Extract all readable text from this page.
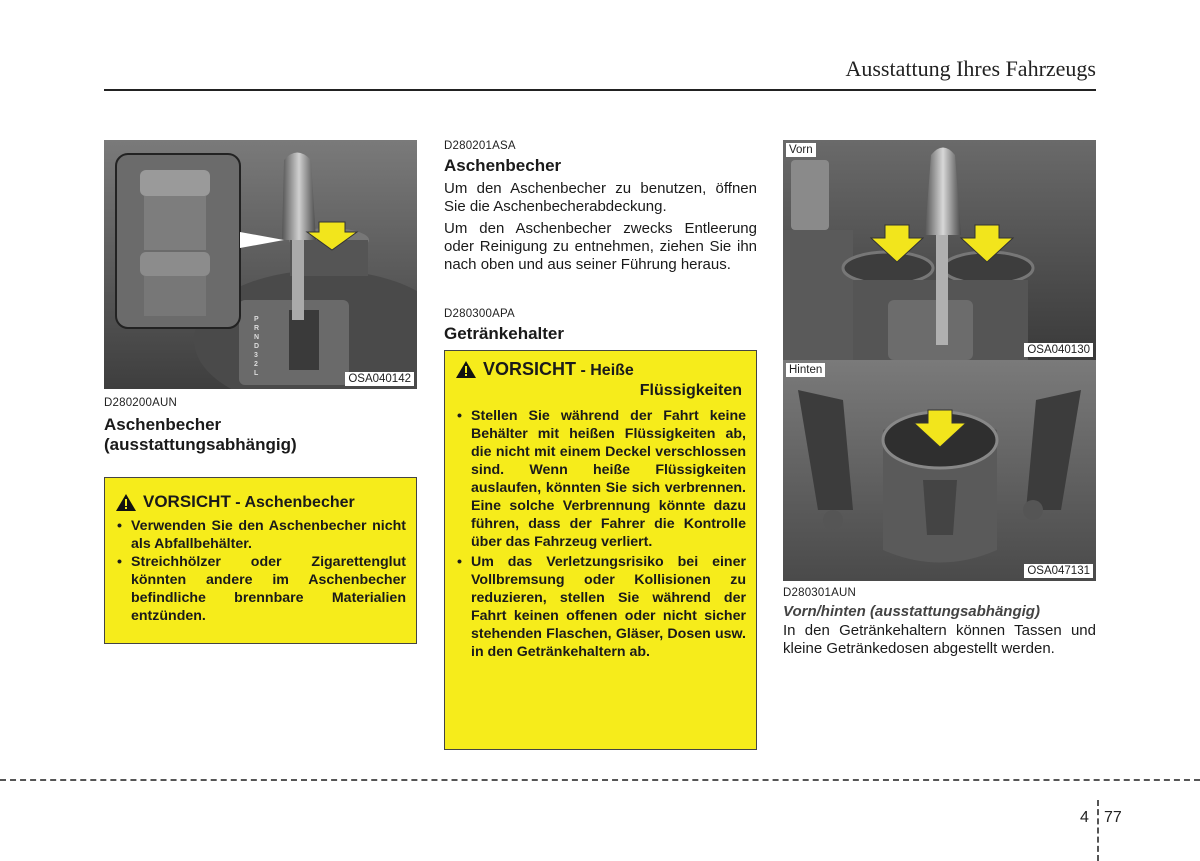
Ausstattung Ihres Fahrzeugs
P
R
N
D
3
2
L	OSA040142
D280200AUN
Aschenbecher
(ausstattungsabhängig)
VORSICHT - Aschenbecher
• Verwenden Sie den Aschenbecher nicht als Abfallbehälter.
• Streichhölzer oder Zigarettenglut könnten andere im Aschenbecher befindliche brennbare Materialien entzünden.
D280201ASA
Aschenbecher
Um den Aschenbecher zu benutzen, öffnen Sie die Aschenbecherabdeckung.
Um den Aschenbecher zwecks Entleerung oder Reinigung zu entnehmen, ziehen Sie ihn nach oben und aus seiner Führung heraus.
D280300APA
Getränkehalter
VORSICHT - Heiße
Flüssigkeiten
• Stellen Sie während der Fahrt keine Behälter mit heißen Flüssigkeiten ab, die nicht mit einem Deckel verschlossen sind. Wenn heiße Flüssigkeiten auslaufen, könnten Sie sich verbrennen. Eine solche Verbrennung könnte dazu führen, dass der Fahrer die Kontrolle über das Fahrzeug verliert.
• Um das Verletzungsrisiko bei einer Vollbremsung oder Kollisionen zu reduzieren, stellen Sie während der Fahrt keinen offenen oder nicht sicher stehenden Flaschen, Gläser, Dosen usw. in den Getränkehaltern ab.
Vorn
OSA040130
Hinten
OSA047131
D280301AUN
Vorn/hinten (ausstattungsabhängig)
In den Getränkehaltern können Tassen und kleine Getränkedosen abgestellt werden.
4 77
